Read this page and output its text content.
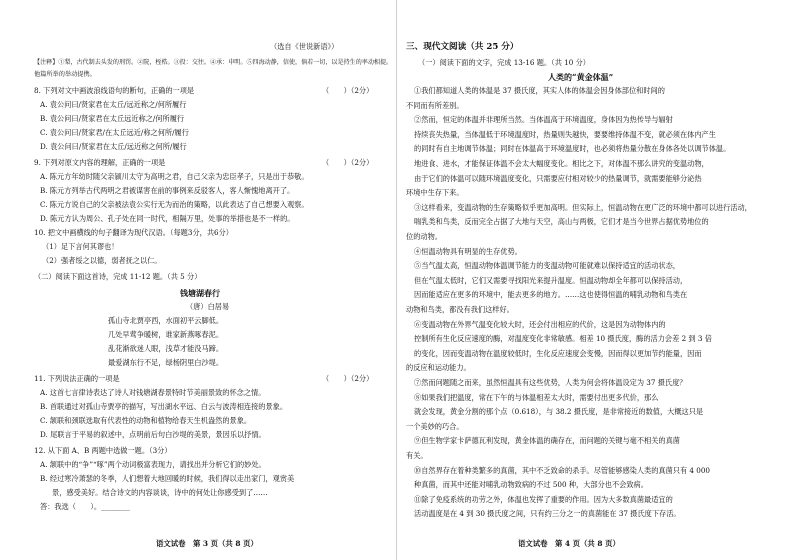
（选自《世说新语》）
【注释】①梨，古代制去头发的刑罚。②院，桎梏。③投：交往。④承：申明。⑤四海动静，信使，倘若一切，以是持生的率动相提。
他篇所举的举动提携。
8. 下列对文中画波浪线语句的断句，正确的一项是	（　　）（2分）
A. 袁公问曰/贤家君在太丘/远近称之/何所履行
B. 袁公问曰/贤家君在太丘远近称之/何所履行
C. 袁公问曰/贤家君/在太丘远近/称之何所/履行
D. 袁公问曰/贤家君在太丘/远近称之何所/履行
9. 下列对原文内容的理解，正确的一项是	（　　）（2分）
A. 陈元方年幼时随父亲颍川太守为高明之君，自己父亲为忠臣孝子，只是出于恭敬。
B. 陈元方列举古代两明之君被谋害在前的事例来反驳客人，客人惭愧地离开了。
C. 陈元方说自己的父亲被法袁公实行无为而治的策略，以此表达了自己想要入观察。
D. 陈元方认为周公、孔子处在同一时代，相隔万里，处事的举措也是不一样的。
10. 把文中画横线的句子翻译为现代汉语。（每题3分，共6分）
（1）足下言何其谬也！
（2）强者绥之以德，弱者抚之以仁。
（二）阅读下面这首诗，完成 11-12 题。（共 5 分）
钱塘湖春行
（唐）白居易
孤山寺北贾亭西，水面初平云脚低。
几处早莺争暖树，谁家新燕啄春泥。
乱花渐欲迷人眼，浅草才能没马蹄。
最爱湖东行不足，绿杨阴里白沙堤。
11. 下列说法正确的一项是	（　　）（2分）
A. 这首七言律诗表达了诗人对钱塘湖春景特时节美丽景致的怀念之情。
B. 首联通过对孤山寺贾亭的描写，写出湖水平远、白云与波涛相连接的景象。
C. 颔联和颈联选取有代表性的动物和植物给春天生机盎然的景象。
D. 尾联言于平易的叙述中，点明前后句白沙堤的美景，景因乐以抒情。
12. 从下面 A、B 两题中选做一题。（3分）
A. 颔联中的“争”“啄”两个动词极富表现力，请找出并分析它们的妙处。
B. 经过寒冷萧瑟的冬季，人们想着大地回暖的时候，我们得以走出家门，观赏美
景，感受美好。结合诗文的内容谈谈，诗中的何处让你感受到了……
答：我选（　　）。________
语文试卷　第 3 页（共 8 页）
三、现代文阅读（共 25 分）
（一）阅读下面的文字，完成 13-16 题。（共 10 分）
人类的“黄金体温”
①我们都知道人类的体温是 37 摄氏度，其实人体的体温会因身体部位和时间的
不同而有所差别。
②然而，恒定的体温并非理所当然。当体温高于环境温度，身体因为热传导与辐射
持续丧失热量，当体温低于环境温度时，热量则失越快，要要维持体温不变，就必须在体内产生
的同时有自主地调节体温；同时在体温高于环境温度时，也必须将热量分散在身体各处以调节体温。
地进食、进水，才能保证体温不会太大幅度变化。相比之下，对体温不那么讲究的变温动物，
由于它们的体温可以随环境温度变化，只需要应付相对较少的热量调节，就需要能够分泌热
环境中生存下来。
③这样看来，变温动物的生存策略似乎更加高明。但实际上，恒温动物在更广泛的环境中都可以进行活动，
喘乳类和鸟类，反而完全占据了大地与天空，高山与两极，它们才是当今世界占据优势地位的
位的动物。
④恒温动物具有明显的生存优势。
⑤当气温太高，恒温动物体温调节能力的变温动物可能就难以保持适宜的活动状态，
但在气温太低时，它们又需要寻找阳光来提升温度。恒温动物却全年都可以保持活动，
因而能适应在更多的环境中，能去更多的地方。……这也使得恒温的哺乳动物和鸟类在
动物和鸟类，都没有我们这样好。
⑥变温动物在外界气温变化较大时，还会付出相应的代价，这是因为动物体内的
控制所有生化反应速度的酶，对温度变化非常敏感。相差 10 摄氏度，酶的活力会差 2 到 3 倍
的变化，因而变温动物在温度较低时，生化反应速度会变慢，因而得以更加节约能量，因而
的反应和运动能力。
⑦然而问题随之而来，虽然恒温具有这些优势，人类为何会将体温设定为 37 摄氏度？
⑧如果我们把温度，常在下午的与体温相差太大时，需要付出更多代价，那么
就会发现，黄金分割的那个点（0.618），与 38.2 摄氏度，是非常接近的数值，大概这只是
一个美妙的巧合。
⑨但生物学家卡萨德瓦利发现，黄金体温的确存在，而问题的关键与毫不相关的真菌
有关。
⑩自然界存在着种类繁多的真菌，其中不乏致命的杀手。尽管能够感染人类的真菌只有 4 000
种真菌，而其中还能对哺乳动物致病的不过 500 种，大部分也不会致病。
⑪除了免疫系统的功劳之外，体温也发挥了重要的作用。因为大多数真菌最适宜的
活动温度是在 4 到 30 摄氏度之间，只有约三分之一的真菌能在 37 摄氏度下存活。
语文试卷　第 4 页（共 8 页）
